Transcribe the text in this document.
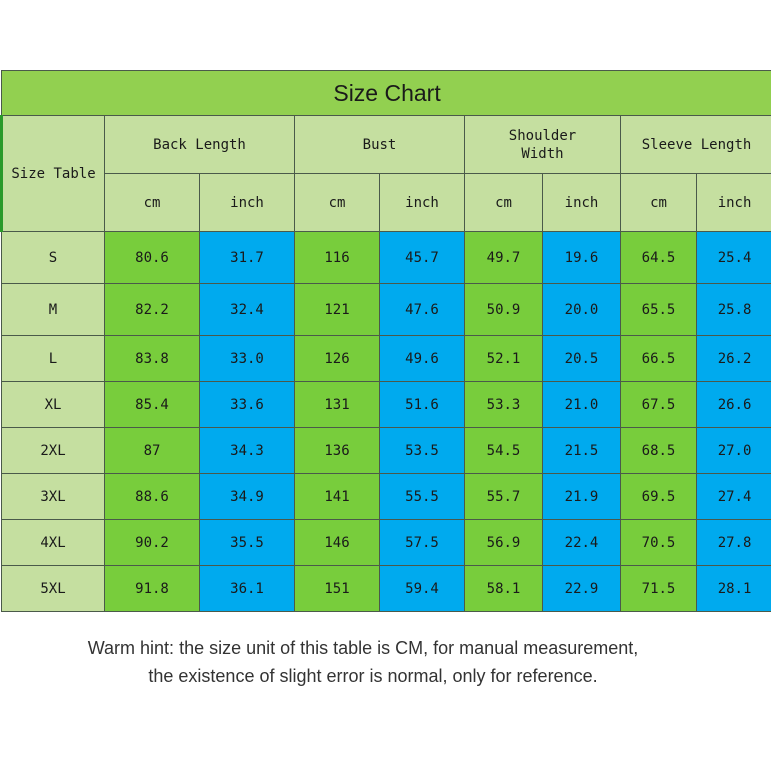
Size Chart								
Size Table	Back Length		Bust		Shoulder Width		Sleeve Length	
	cm	inch	cm	inch	cm	inch	cm	inch
S	80.6	31.7	116	45.7	49.7	19.6	64.5	25.4
M	82.2	32.4	121	47.6	50.9	20.0	65.5	25.8
L	83.8	33.0	126	49.6	52.1	20.5	66.5	26.2
XL	85.4	33.6	131	51.6	53.3	21.0	67.5	26.6
2XL	87	34.3	136	53.5	54.5	21.5	68.5	27.0
3XL	88.6	34.9	141	55.5	55.7	21.9	69.5	27.4
4XL	90.2	35.5	146	57.5	56.9	22.4	70.5	27.8
5XL	91.8	36.1	151	59.4	58.1	22.9	71.5	28.1
Warm hint: the size unit of this table is CM, for manual measurement,
the existence of slight error is normal, only for reference.
